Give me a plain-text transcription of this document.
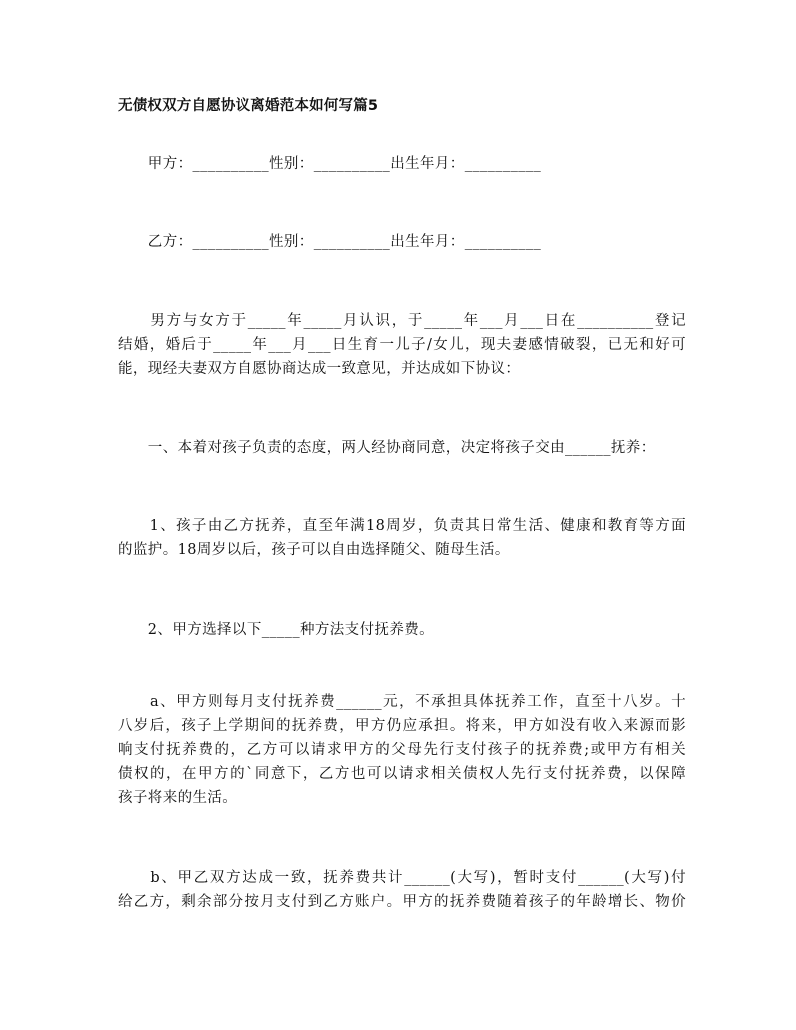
无债权双方自愿协议离婚范本如何写篇5
　　甲方：__________性别：__________出生年月：__________
　　乙方：__________性别：__________出生年月：__________
　　男方与女方于_____年_____月认识，于_____年___月___日在__________登记
结婚，婚后于_____年___月___日生育一儿子/女儿，现夫妻感情破裂，已无和好可
能，现经夫妻双方自愿协商达成一致意见，并达成如下协议：
　　一、本着对孩子负责的态度，两人经协商同意，决定将孩子交由______抚养：
　　1、孩子由乙方抚养，直至年满18周岁，负责其日常生活、健康和教育等方面
的监护。18周岁以后，孩子可以自由选择随父、随母生活。
　　2、甲方选择以下_____种方法支付抚养费。
　　a、甲方则每月支付抚养费______元，不承担具体抚养工作，直至十八岁。十
八岁后，孩子上学期间的抚养费，甲方仍应承担。将来，甲方如没有收入来源而影
响支付抚养费的，乙方可以请求甲方的父母先行支付孩子的抚养费;或甲方有相关
债权的，在甲方的`同意下，乙方也可以请求相关债权人先行支付抚养费，以保障
孩子将来的生活。
　　b、甲乙双方达成一致，抚养费共计______(大写)，暂时支付______(大写)付
给乙方，剩余部分按月支付到乙方账户。甲方的抚养费随着孩子的年龄增长、物价
